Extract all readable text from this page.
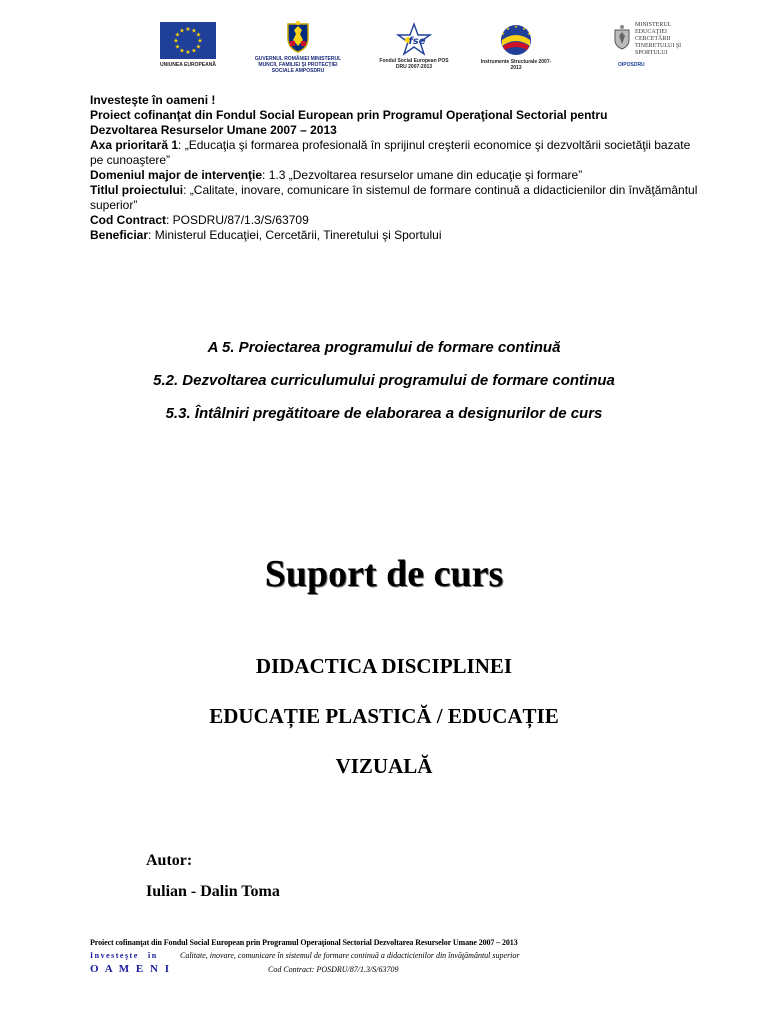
★ ★
★
★
★
★
★
★
★
★
★
★
UNIUNEA EUROPEANĂ
GUVERNUL ROMÂNIEI MINISTERUL MUNCII, FAMILIEI ŞI PROTECŢIEI SOCIALE AMPOSDRU
fse
Fondul Social European POS DRU 2007-2013
★ ★
★
★
★
Instrumente Structurale 2007-2013
MINISTERUL EDUCAŢIEI CERCETĂRII TINERETULUI ŞI SPORTULUI
OIPOSDRU
Investeşte în oameni !
Proiect cofinanţat din Fondul Social European prin Programul Operaţional Sectorial pentru
Dezvoltarea Resurselor Umane 2007 – 2013
Axa prioritară 1: „Educaţia şi formarea profesională în sprijinul creşterii economice şi dezvoltării societăţii bazate pe cunoaştere”
Domeniul major de intervenţie: 1.3 „Dezvoltarea resurselor umane din educaţie şi formare”
Titlul proiectului: „Calitate, inovare, comunicare în sistemul de formare continuă a didacticienilor din învăţământul superior”
Cod Contract: POSDRU/87/1.3/S/63709
Beneficiar: Ministerul Educaţiei, Cercetării, Tineretului şi Sportului
A 5. Proiectarea programului de formare continuă
5.2. Dezvoltarea curriculumului programului de formare continua
5.3. Întâlniri pregătitoare de elaborarea a designurilor de curs
Suport de curs
DIDACTICA DISCIPLINEI
EDUCAȚIE PLASTICĂ / EDUCAȚIE
VIZUALĂ
Autor:
Iulian - Dalin Toma
Proiect cofinanţat din Fondul Social European prin Programul Operaţional Sectorial Dezvoltarea Resurselor Umane 2007 – 2013
Investeşte în	Calitate, inovare, comunicare în sistemul de formare continuă a didacticienilor din învăţământul superior
O A M E N I	Cod Contract: POSDRU/87/1.3/S/63709
